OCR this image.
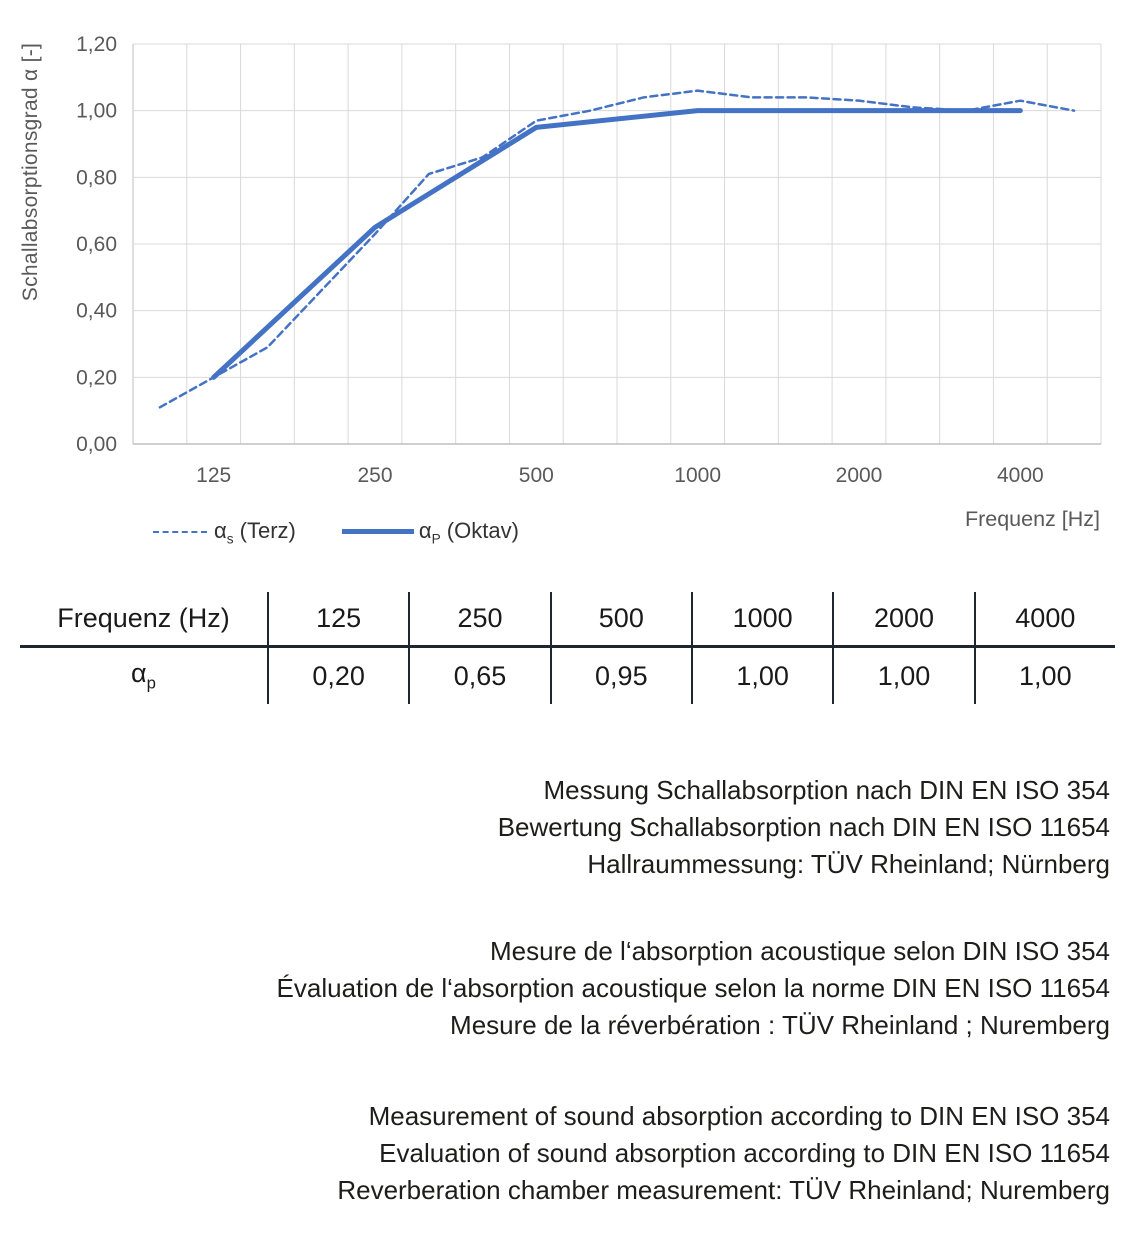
Schallabsorptionsgrad α [-]
0,00
0,20
0,40
0,60
0,80
1,00
1,20
125	250	500	1000	2000	4000
$\alpha_s$ (Terz)	$\alpha_P$ (Oktav)	Frequenz [Hz]
Frequenz (Hz)	125	250	500	1000	2000	4000
$\alpha_p$	0,20	0,65	0,95	1,00	1,00	1,00
Messung Schallabsorption nach DIN EN ISO 354
Bewertung Schallabsorption nach DIN EN ISO 11654
Hallraummessung: TÜV Rheinland; Nürnberg
Mesure de l‘absorption acoustique selon DIN ISO 354
Évaluation de l‘absorption acoustique selon la norme DIN EN ISO 11654
Mesure de la réverbération : TÜV Rheinland ; Nuremberg
Measurement of sound absorption according to DIN EN ISO 354
Evaluation of sound absorption according to DIN EN ISO 11654
Reverberation chamber measurement: TÜV Rheinland; Nuremberg
